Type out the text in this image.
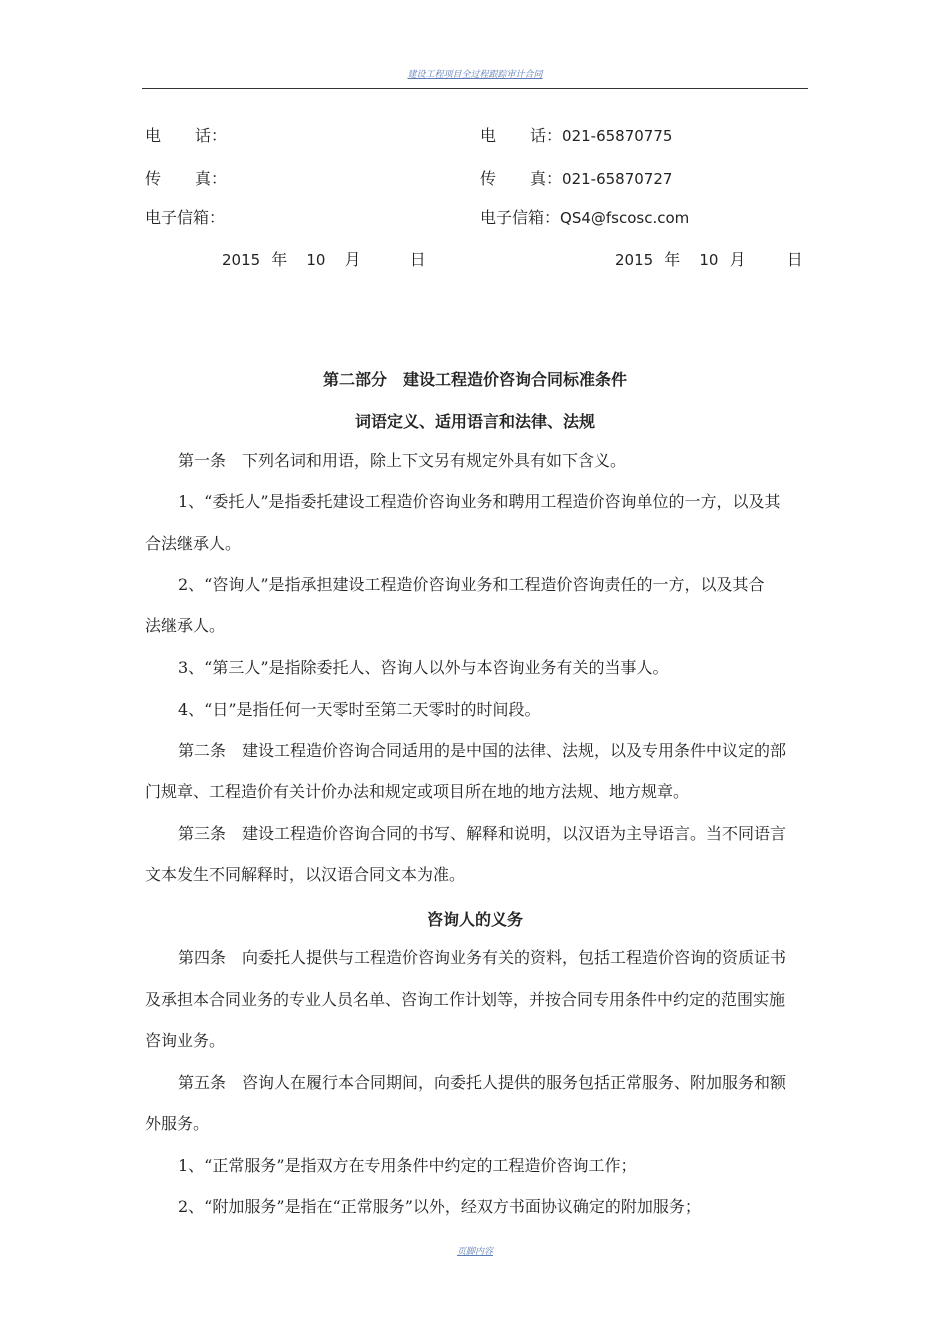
建设工程项目全过程跟踪审计合同
电 话：
传 真：
电子信箱：
2015 年 10 月	日
电 话：021-65870775
传 真：021-65870727
电子信箱：QS4@fscosc.com
2015 年 10 月	日
第二部分　建设工程造价咨询合同标准条件
词语定义、适用语言和法律、法规
第一条　下列名词和用语，除上下文另有规定外具有如下含义。
1、“委托人”是指委托建设工程造价咨询业务和聘用工程造价咨询单位的一方，以及其
合法继承人。
2、“咨询人”是指承担建设工程造价咨询业务和工程造价咨询责任的一方，以及其合
法继承人。
3、“第三人”是指除委托人、咨询人以外与本咨询业务有关的当事人。
4、“日”是指任何一天零时至第二天零时的时间段。
第二条　建设工程造价咨询合同适用的是中国的法律、法规，以及专用条件中议定的部
门规章、工程造价有关计价办法和规定或项目所在地的地方法规、地方规章。
第三条　建设工程造价咨询合同的书写、解释和说明，以汉语为主导语言。当不同语言
文本发生不同解释时，以汉语合同文本为准。
咨询人的义务
第四条　向委托人提供与工程造价咨询业务有关的资料，包括工程造价咨询的资质证书
及承担本合同业务的专业人员名单、咨询工作计划等，并按合同专用条件中约定的范围实施
咨询业务。
第五条　咨询人在履行本合同期间，向委托人提供的服务包括正常服务、附加服务和额
外服务。
1、“正常服务”是指双方在专用条件中约定的工程造价咨询工作；
2、“附加服务”是指在“正常服务”以外，经双方书面协议确定的附加服务；
页脚内容
